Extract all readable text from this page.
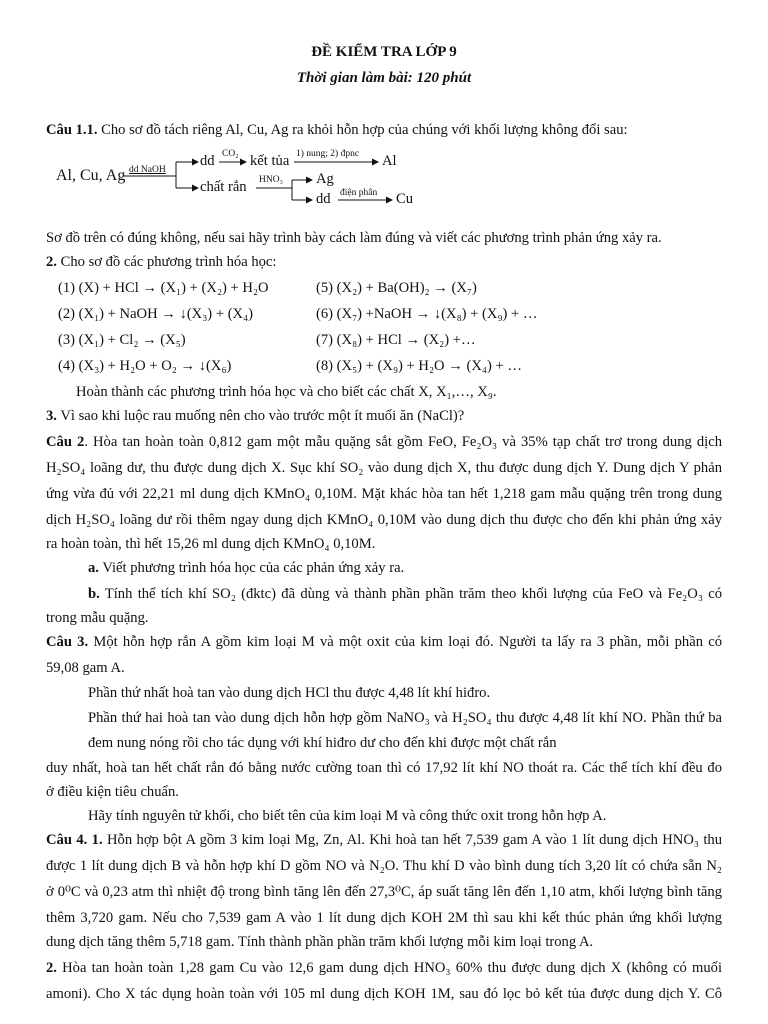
ĐỀ KIỂM TRA LỚP 9
Thời gian làm bài: 120 phút
Câu 1.1. Cho sơ đồ tách riêng Al, Cu, Ag ra khỏi hỗn hợp của chúng với khối lượng không đổi sau:
Al, Cu, Ag dd NaOH
dd CO₂ kết tủa 1) nung; 2) đpnc Al
chất rắn HNO₃ Ag
dd điện phân Cu
Sơ đồ trên có đúng không, nếu sai hãy trình bày cách làm đúng và viết các phương trình phản ứng xảy ra.
2. Cho sơ đồ các phương trình hóa học:
(1) (X) + HCl → (X₁) + (X₂) + H₂O	(5) (X₂) + Ba(OH)₂ → (X₇)
(2) (X₁) + NaOH → ↓(X₃) + (X₄)	(6) (X₇) +NaOH → ↓(X₈) + (X₉) + …
(3) (X₁) + Cl₂ → (X₅)	(7) (X₈) + HCl → (X₂) +…
(4) (X₃) + H₂O + O₂ → ↓(X₆)	(8) (X₅) + (X₉) + H₂O → (X₄) + …
Hoàn thành các phương trình hóa học và cho biết các chất X, X₁,…, X₉.
3. Vì sao khi luộc rau muống nên cho vào trước một ít muối ăn (NaCl)?
Câu 2. Hòa tan hoàn toàn 0,812 gam một mẫu quặng sắt gồm FeO, Fe₂O₃ và 35% tạp chất trơ trong dung dịch
H₂SO₄ loãng dư, thu được dung dịch X. Sục khí SO₂ vào dung dịch X, thu được dung dịch Y. Dung dịch Y phản
ứng vừa đủ với 22,21 ml dung dịch KMnO₄ 0,10M. Mặt khác hòa tan hết 1,218 gam mẫu quặng trên trong dung
dịch H₂SO₄ loãng dư rồi thêm ngay dung dịch KMnO₄ 0,10M vào dung dịch thu được cho đến khi phản ứng xảy
ra hoàn toàn, thì hết 15,26 ml dung dịch KMnO₄ 0,10M.
a. Viết phương trình hóa học của các phản ứng xảy ra.
b. Tính thể tích khí SO₂ (đktc) đã dùng và thành phần phần trăm theo khối lượng của FeO và Fe₂O₃ có
trong mẫu quặng.
Câu 3. Một hỗn hợp rắn A gồm kim loại M và một oxit của kim loại đó. Người ta lấy ra 3 phần, mỗi phần có
59,08 gam A.
Phần thứ nhất hoà tan vào dung dịch HCl thu được 4,48 lít khí hiđro.
Phần thứ hai hoà tan vào dung dịch hỗn hợp gồm NaNO₃ và H₂SO₄ thu được 4,48 lít khí NO. Phần thứ ba
đem nung nóng rồi cho tác dụng với khí hiđro dư cho đến khi được một chất rắn
duy nhất, hoà tan hết chất rắn đó bằng nước cường toan thì có 17,92 lít khí NO thoát ra. Các thể tích khí đều đo
ở điều kiện tiêu chuẩn.
Hãy tính nguyên tử khối, cho biết tên của kim loại M và công thức oxit trong hỗn hợp A.
Câu 4. 1. Hỗn hợp bột A gồm 3 kim loại Mg, Zn, Al. Khi hoà tan hết 7,539 gam A vào 1 lít dung dịch HNO₃ thu
được 1 lít dung dịch B và hỗn hợp khí D gồm NO và N₂O. Thu khí D vào bình dung tích 3,20 lít có chứa sẵn N₂
ở 0⁰C và 0,23 atm thì nhiệt độ trong bình tăng lên đến 27,3⁰C, áp suất tăng lên đến 1,10 atm, khối lượng bình tăng
thêm 3,720 gam. Nếu cho 7,539 gam A vào 1 lít dung dịch KOH 2M thì sau khi kết thúc phản ứng khối lượng
dung dịch tăng thêm 5,718 gam. Tính thành phần phần trăm khối lượng mỗi kim loại trong A.
2. Hòa tan hoàn toàn 1,28 gam Cu vào 12,6 gam dung dịch HNO₃ 60% thu được dung dịch X (không có muối
amoni). Cho X tác dụng hoàn toàn với 105 ml dung dịch KOH 1M, sau đó lọc bỏ kết tủa được dung dịch Y. Cô
